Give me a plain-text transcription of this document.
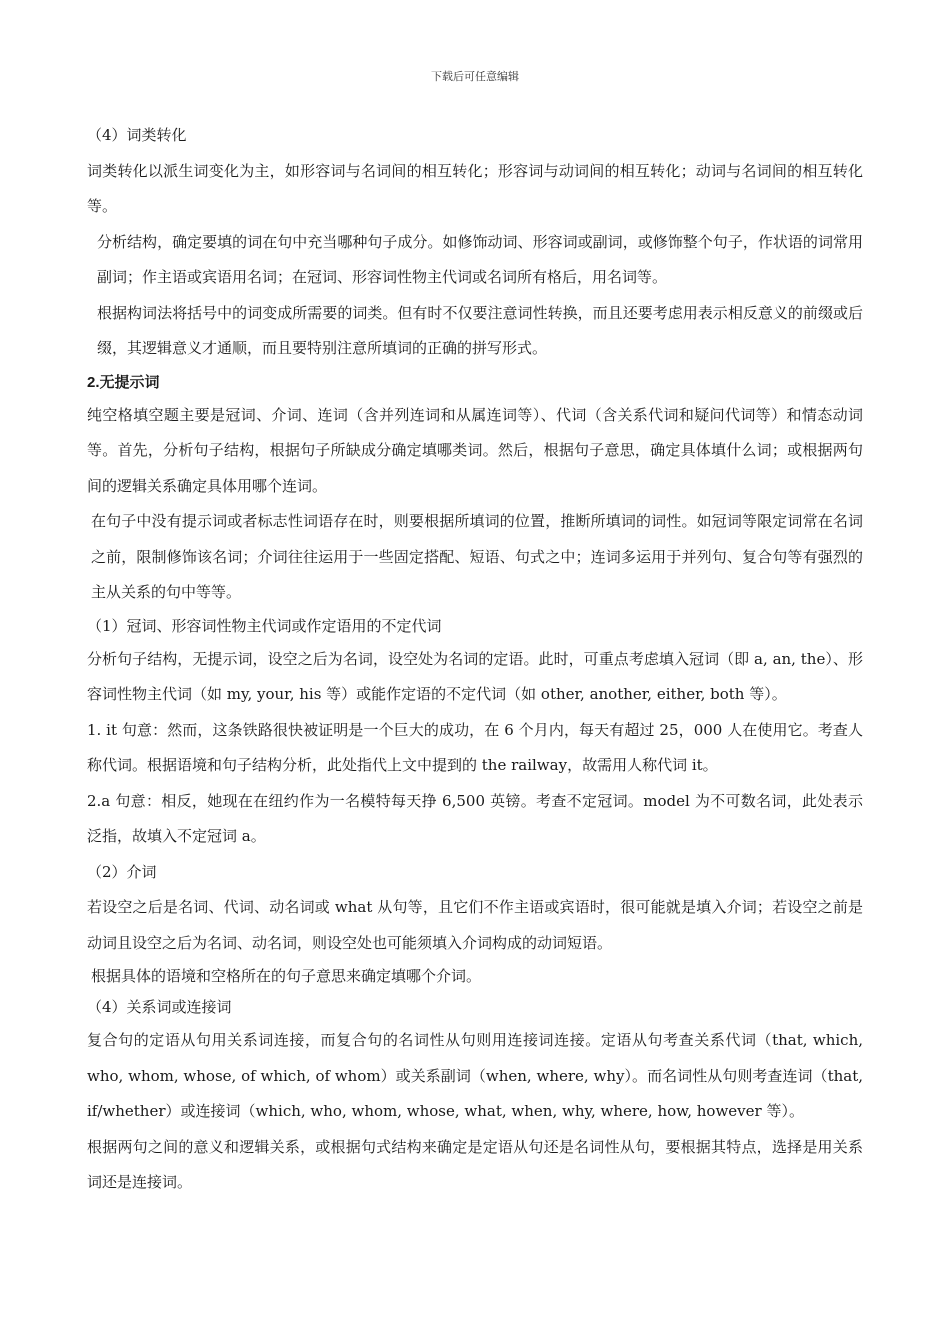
下载后可任意编辑

（4）词类转化

词类转化以派生词变化为主，如形容词与名词间的相互转化；形容词与动词间的相互转化；动词与名词间的相互转化等。

分析结构，确定要填的词在句中充当哪种句子成分。如修饰动词、形容词或副词，或修饰整个句子，作状语的词常用副词；作主语或宾语用名词；在冠词、形容词性物主代词或名词所有格后，用名词等。

根据构词法将括号中的词变成所需要的词类。但有时不仅要注意词性转换，而且还要考虑用表示相反意义的前缀或后缀，其逻辑意义才通顺，而且要特别注意所填词的正确的拼写形式。

2.无提示词

纯空格填空题主要是冠词、介词、连词（含并列连词和从属连词等）、代词（含关系代词和疑问代词等）和情态动词等。首先，分析句子结构，根据句子所缺成分确定填哪类词。然后，根据句子意思，确定具体填什么词；或根据两句间的逻辑关系确定具体用哪个连词。

在句子中没有提示词或者标志性词语存在时，则要根据所填词的位置，推断所填词的词性。如冠词等限定词常在名词之前，限制修饰该名词；介词往往运用于一些固定搭配、短语、句式之中；连词多运用于并列句、复合句等有强烈的主从关系的句中等等。

（1）冠词、形容词性物主代词或作定语用的不定代词

分析句子结构，无提示词，设空之后为名词，设空处为名词的定语。此时，可重点考虑填入冠词（即 a, an, the）、形容词性物主代词（如 my, your, his 等）或能作定语的不定代词（如 other, another, either, both 等）。

1. it 句意：然而，这条铁路很快被证明是一个巨大的成功，在 6 个月内，每天有超过 25，000 人在使用它。考查人称代词。根据语境和句子结构分析，此处指代上文中提到的 the railway，故需用人称代词 it。

2.a 句意：相反，她现在在纽约作为一名模特每天挣 6,500 英镑。考查不定冠词。model 为不可数名词，此处表示泛指，故填入不定冠词 a。

（2）介词

若设空之后是名词、代词、动名词或 what 从句等，且它们不作主语或宾语时，很可能就是填入介词；若设空之前是动词且设空之后为名词、动名词，则设空处也可能须填入介词构成的动词短语。

根据具体的语境和空格所在的句子意思来确定填哪个介词。

（4）关系词或连接词

复合句的定语从句用关系词连接，而复合句的名词性从句则用连接词连接。定语从句考查关系代词（that, which, who, whom, whose, of which, of whom）或关系副词（when, where, why）。而名词性从句则考查连词（that, if/whether）或连接词（which, who, whom, whose, what, when, why, where, how, however 等）。

根据两句之间的意义和逻辑关系，或根据句式结构来确定是定语从句还是名词性从句，要根据其特点，选择是用关系词还是连接词。
